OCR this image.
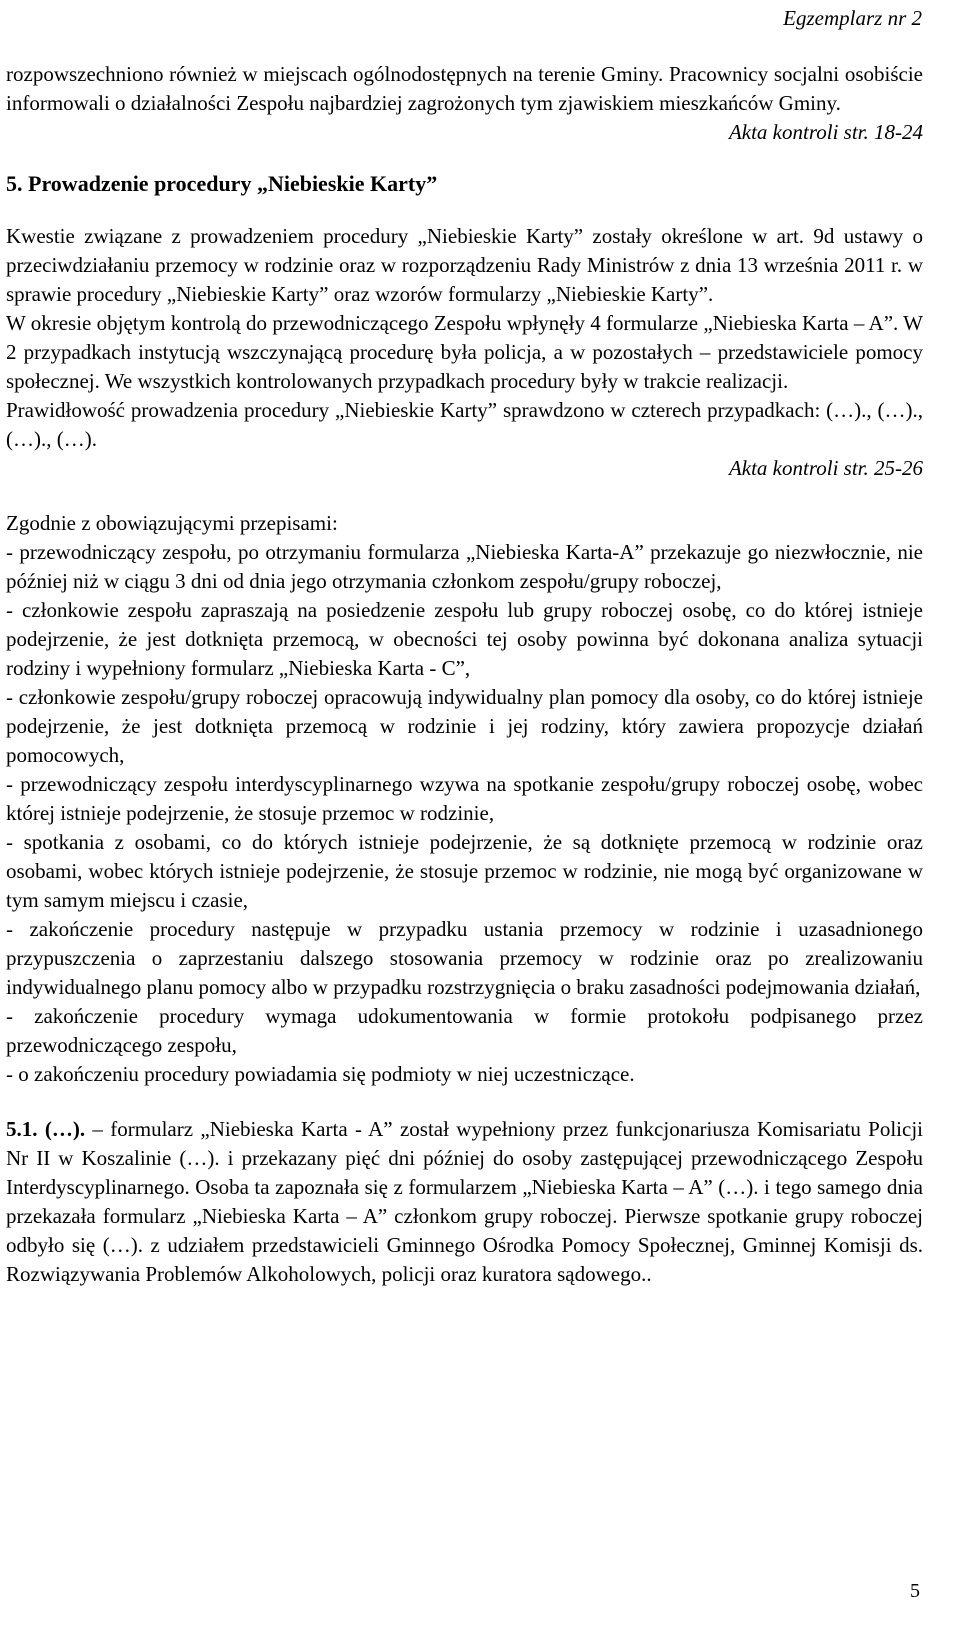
Egzemplarz nr 2

rozpowszechniono również w miejscach ogólnodostępnych na terenie Gminy. Pracownicy socjalni osobiście informowali o działalności Zespołu najbardziej zagrożonych tym zjawiskiem mieszkańców Gminy.

Akta kontroli str. 18-24

5. Prowadzenie procedury „Niebieskie Karty”

Kwestie związane z prowadzeniem procedury „Niebieskie Karty” zostały określone w art. 9d ustawy o przeciwdziałaniu przemocy w rodzinie oraz w rozporządzeniu Rady Ministrów z dnia 13 września 2011 r. w sprawie procedury „Niebieskie Karty” oraz wzorów formularzy „Niebieskie Karty”.

W okresie objętym kontrolą do przewodniczącego Zespołu wpłynęły 4 formularze „Niebieska Karta – A”. W 2 przypadkach instytucją wszczynającą procedurę była policja, a w pozostałych – przedstawiciele pomocy społecznej. We wszystkich kontrolowanych przypadkach procedury były w trakcie realizacji.

Prawidłowość prowadzenia procedury „Niebieskie Karty” sprawdzono w czterech przypadkach: (…)., (…)., (…)., (…).

Akta kontroli str. 25-26

Zgodnie z obowiązującymi przepisami:

- przewodniczący zespołu, po otrzymaniu formularza „Niebieska Karta-A” przekazuje go niezwłocznie, nie później niż w ciągu 3 dni od dnia jego otrzymania członkom zespołu/grupy roboczej,

- członkowie zespołu zapraszają na posiedzenie zespołu lub grupy roboczej osobę, co do której istnieje podejrzenie, że jest dotknięta przemocą, w obecności tej osoby powinna być dokonana analiza sytuacji rodziny i wypełniony formularz „Niebieska Karta - C”,

- członkowie zespołu/grupy roboczej opracowują indywidualny plan pomocy dla osoby, co do której istnieje podejrzenie, że jest dotknięta przemocą w rodzinie i jej rodziny, który zawiera propozycje działań pomocowych,

- przewodniczący zespołu interdyscyplinarnego wzywa na spotkanie zespołu/grupy roboczej osobę, wobec której istnieje podejrzenie, że stosuje przemoc w rodzinie,

- spotkania z osobami, co do których istnieje podejrzenie, że są dotknięte przemocą w rodzinie oraz osobami, wobec których istnieje podejrzenie, że stosuje przemoc w rodzinie, nie mogą być organizowane w tym samym miejscu i czasie,

- zakończenie procedury następuje w przypadku ustania przemocy w rodzinie i uzasadnionego przypuszczenia o zaprzestaniu dalszego stosowania przemocy w rodzinie oraz po zrealizowaniu indywidualnego planu pomocy albo w przypadku rozstrzygnięcia o braku zasadności podejmowania działań,

- zakończenie procedury wymaga udokumentowania w formie protokołu podpisanego przez przewodniczącego zespołu,

- o zakończeniu procedury powiadamia się podmioty w niej uczestniczące.

5.1. (…). – formularz „Niebieska Karta - A” został wypełniony przez funkcjonariusza Komisariatu Policji Nr II w Koszalinie (…). i przekazany pięć dni później do osoby zastępującej przewodniczącego Zespołu Interdyscyplinarnego. Osoba ta zapoznała się z formularzem „Niebieska Karta – A” (…). i tego samego dnia przekazała formularz „Niebieska Karta – A” członkom grupy roboczej. Pierwsze spotkanie grupy roboczej odbyło się (…). z udziałem przedstawicieli Gminnego Ośrodka Pomocy Społecznej, Gminnej Komisji ds. Rozwiązywania Problemów Alkoholowych, policji oraz kuratora sądowego..

5
